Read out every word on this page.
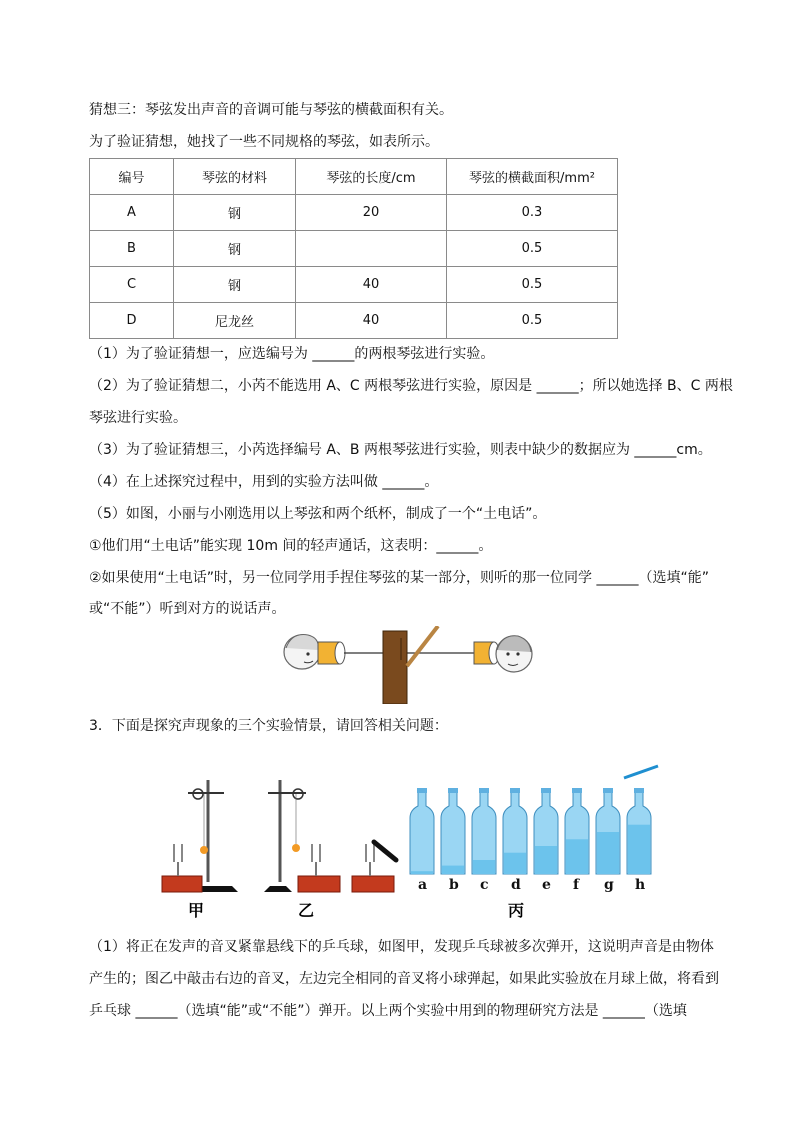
猜想三：琴弦发出声音的音调可能与琴弦的横截面积有关。
为了验证猜想，她找了一些不同规格的琴弦，如表所示。
编号	琴弦的材料	琴弦的长度/cm	琴弦的横截面积/mm²
A	钢	20	0.3
B	钢		0.5
C	钢	40	0.5
D	尼龙丝	40	0.5
（1）为了验证猜想一，应选编号为 ______的两根琴弦进行实验。
（2）为了验证猜想二，小芮不能选用 A、C 两根琴弦进行实验，原因是 ______；所以她选择 B、C 两根
琴弦进行实验。
（3）为了验证猜想三，小芮选择编号 A、B 两根琴弦进行实验，则表中缺少的数据应为 ______cm。
（4）在上述探究过程中，用到的实验方法叫做 ______。
（5）如图，小丽与小刚选用以上琴弦和两个纸杯，制成了一个“土电话”。
①他们用“土电话”能实现 10m 间的轻声通话，这表明：______。
②如果使用“土电话”时，另一位同学用手捏住琴弦的某一部分，则听的那一位同学 ______（选填“能”
或“不能”）听到对方的说话声。
3．下面是探究声现象的三个实验情景，请回答相关问题：
a b c d e f g h
甲	乙	丙
（1）将正在发声的音叉紧靠悬线下的乒乓球，如图甲，发现乒乓球被多次弹开，这说明声音是由物体
产生的；图乙中敲击右边的音叉，左边完全相同的音叉将小球弹起，如果此实验放在月球上做，将看到
乒乓球 ______（选填“能”或“不能”）弹开。以上两个实验中用到的物理研究方法是 ______（选填
